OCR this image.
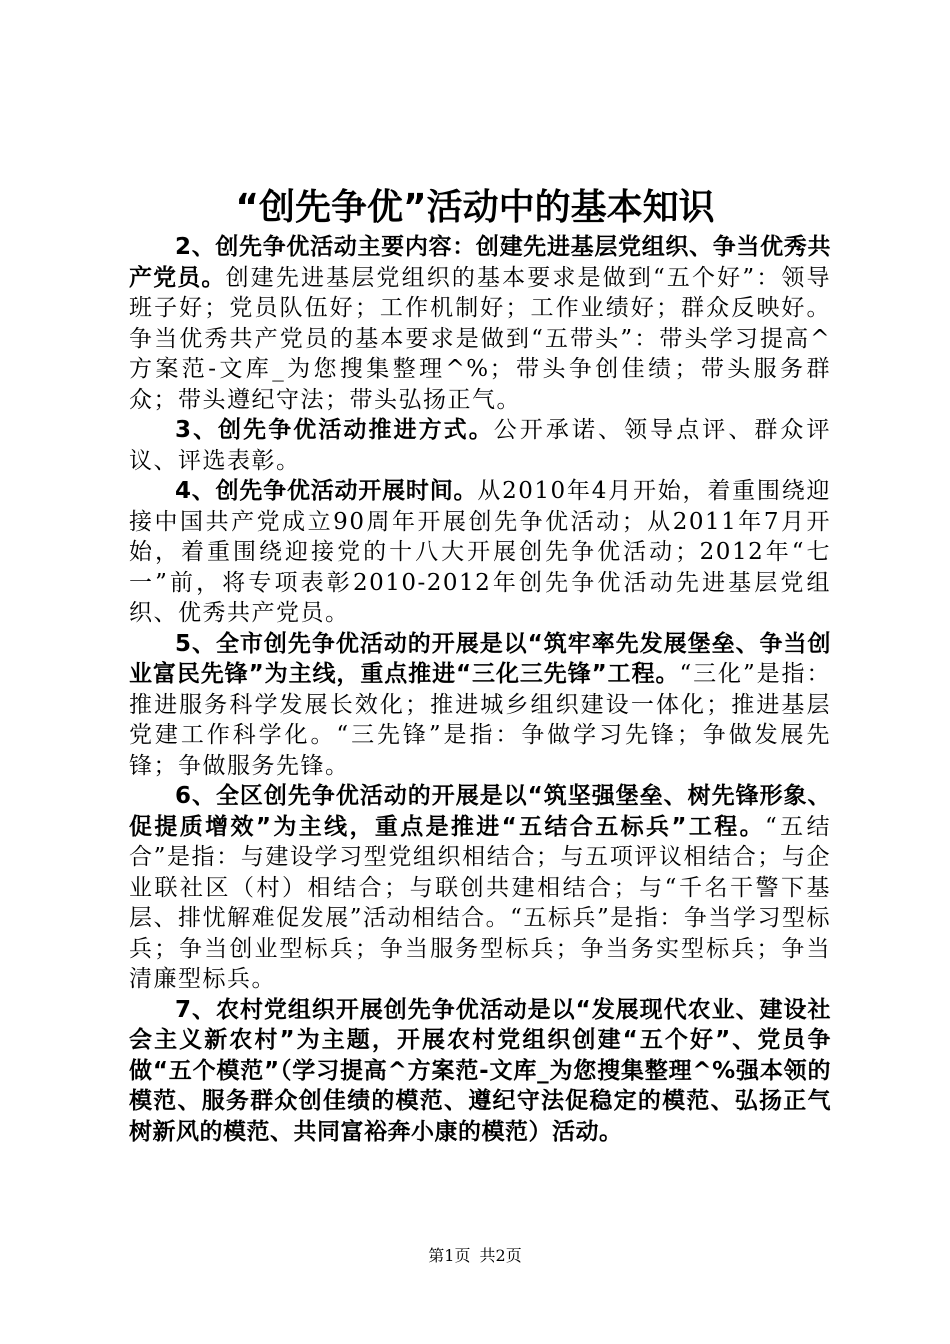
“创先争优”活动中的基本知识

2、创先争优活动主要内容：创建先进基层党组织、争当优秀共产党员。创建先进基层党组织的基本要求是做到“五个好”：领导班子好；党员队伍好；工作机制好；工作业绩好；群众反映好。争当优秀共产党员的基本要求是做到“五带头”：带头学习提高^方案范-文库_为您搜集整理^%；带头争创佳绩；带头服务群众；带头遵纪守法；带头弘扬正气。

3、创先争优活动推进方式。公开承诺、领导点评、群众评议、评选表彰。

4、创先争优活动开展时间。从2010年4月开始，着重围绕迎接中国共产党成立90周年开展创先争优活动；从2011年7月开始，着重围绕迎接党的十八大开展创先争优活动；2012年“七一”前，将专项表彰2010-2012年创先争优活动先进基层党组织、优秀共产党员。

5、全市创先争优活动的开展是以“筑牢率先发展堡垒、争当创业富民先锋”为主线，重点推进“三化三先锋”工程。“三化”是指：推进服务科学发展长效化；推进城乡组织建设一体化；推进基层党建工作科学化。“三先锋”是指：争做学习先锋；争做发展先锋；争做服务先锋。

6、全区创先争优活动的开展是以“筑坚强堡垒、树先锋形象、促提质增效”为主线，重点是推进“五结合五标兵”工程。“五结合”是指：与建设学习型党组织相结合；与五项评议相结合；与企业联社区（村）相结合；与联创共建相结合；与“千名干警下基层、排忧解难促发展”活动相结合。“五标兵”是指：争当学习型标兵；争当创业型标兵；争当服务型标兵；争当务实型标兵；争当清廉型标兵。

7、农村党组织开展创先争优活动是以“发展现代农业、建设社会主义新农村”为主题，开展农村党组织创建“五个好”、党员争做“五个模范”（学习提高^方案范-文库_为您搜集整理^%强本领的模范、服务群众创佳绩的模范、遵纪守法促稳定的模范、弘扬正气树新风的模范、共同富裕奔小康的模范）活动。

第1页 共2页
